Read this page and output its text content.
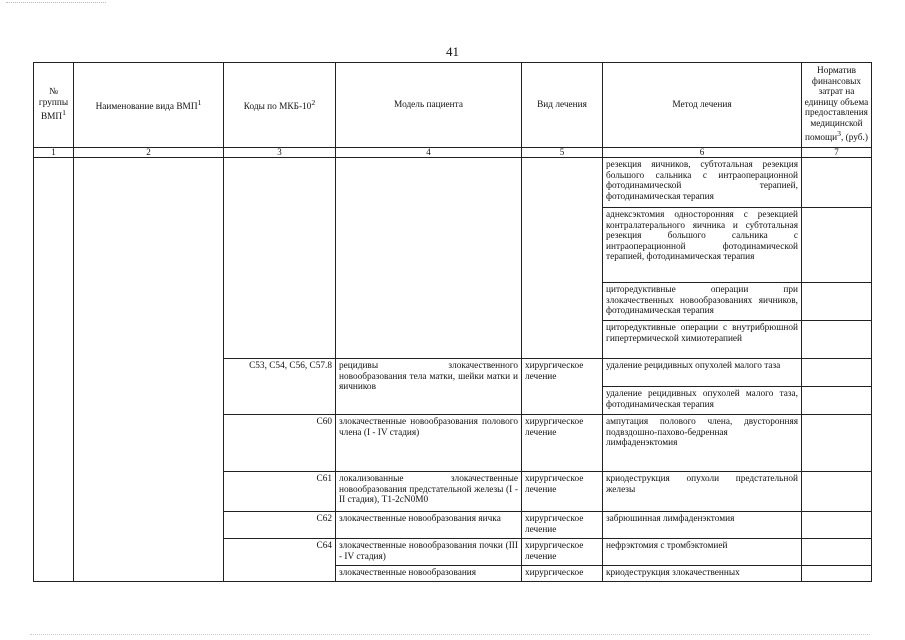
41
№ группы ВМП$^1$	Наименование вида ВМП$^1$	Коды по МКБ-$10^2$	Модель пациента	Вид лечения	Метод лечения	Норматив финансовых затрат на единицу объема предоставления медицинской помощи$^3$, (руб.)
1	2	3	4	5	6	7
					резекция яичников, субтотальная резекция большого сальника с интраоперационной фотодинамической терапией, фотодинамическая терапия	
					аднексэктомия односторонняя с резекцией контралатерального яичника и субтотальная резекция большого сальника с интраоперационной фотодинамической терапией, фотодинамическая терапия	
					циторедуктивные операции при злокачественных новообразованиях яичников, фотодинамическая терапия	
					циторедуктивные операции с внутрибрюшной гипертермической химиотерапией	
		C53, C54, C56, C57.8	рецидивы злокачественного новообразования тела матки, шейки матки и яичников	хирургическое лечение	удаление рецидивных опухолей малого таза	
					удаление рецидивных опухолей малого таза, фотодинамическая терапия	
		C60	злокачественные новообразования полового члена (I - IV стадия)	хирургическое лечение	ампутация полового члена, двусторонняя подвздошно-пахово-бедренная лимфаденэктомия	
		C61	локализованные злокачественные новообразования предстательной железы (I - II стадия), T1-2cN0M0	хирургическое лечение	криодеструкция опухоли предстательной железы	
		C62	злокачественные новообразования яичка	хирургическое лечение	забрюшинная лимфаденэктомия	
		C64	злокачественные новообразования почки (III - IV стадия)	хирургическое лечение	нефрэктомия с тромбэктомией	
			злокачественные новообразования	хирургическое	криодеструкция злокачественных	
